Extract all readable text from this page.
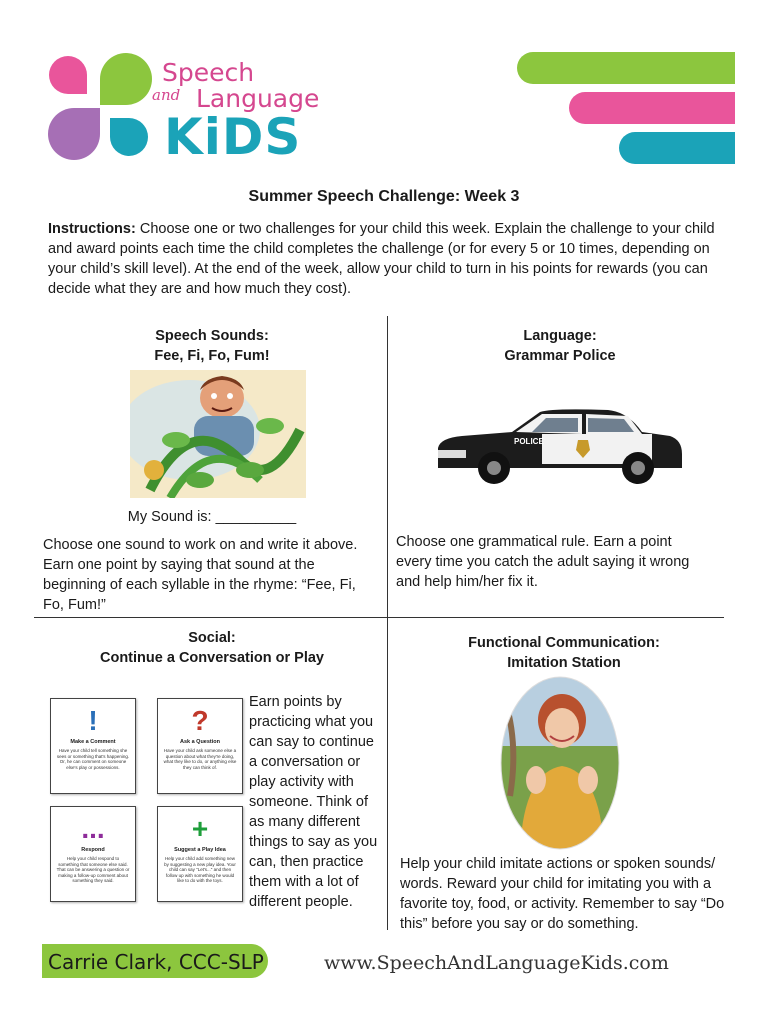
Speech
and Language
KiDS
Summer Speech Challenge: Week 3
Instructions: Choose one or two challenges for your child this week. Explain the challenge to your child and award points each time the child completes the challenge (or for every 5 or 10 times, depending on your child’s skill level). At the end of the week, allow your child to turn in his points for rewards (you can decide what they are and how much they cost).
Speech Sounds:
Fee, Fi, Fo, Fum!
My Sound is: __________
Choose one sound to work on and write it above. Earn one point by saying that sound at the beginning of each syllable in the rhyme: “Fee, Fi, Fo, Fum!”
Language:
Grammar Police
POLICE
Choose one grammatical rule. Earn a point every time you catch the adult saying it wrong and help him/her fix it.
Social:
Continue a Conversation or Play
!
Make a Comment
Have your child tell something she sees or something that's happening. Or, he can comment on someone else's play or possessions.
?
Ask a Question
Have your child ask someone else a question about what they're doing, what they like to do, or anything else they can think of.
...
Respond
Help your child respond to something that someone else said. That can be answering a question or making a follow-up comment about something they said.
+
Suggest a Play Idea
Help your child add something new by suggesting a new play idea. Your child can say "Let's..." and then follow up with something he would like to do with the toys.
Earn points by practicing what you can say to continue a conversation or play activity with someone. Think of as many different things to say as you can, then practice them with a lot of different people.
Functional Communication:
Imitation Station
Help your child imitate actions or spoken sounds/ words. Reward your child for imitating you with a favorite toy, food, or activity. Remember to say “Do this” before you say or do something.
Carrie Clark, CCC-SLP	www.SpeechAndLanguageKids.com
